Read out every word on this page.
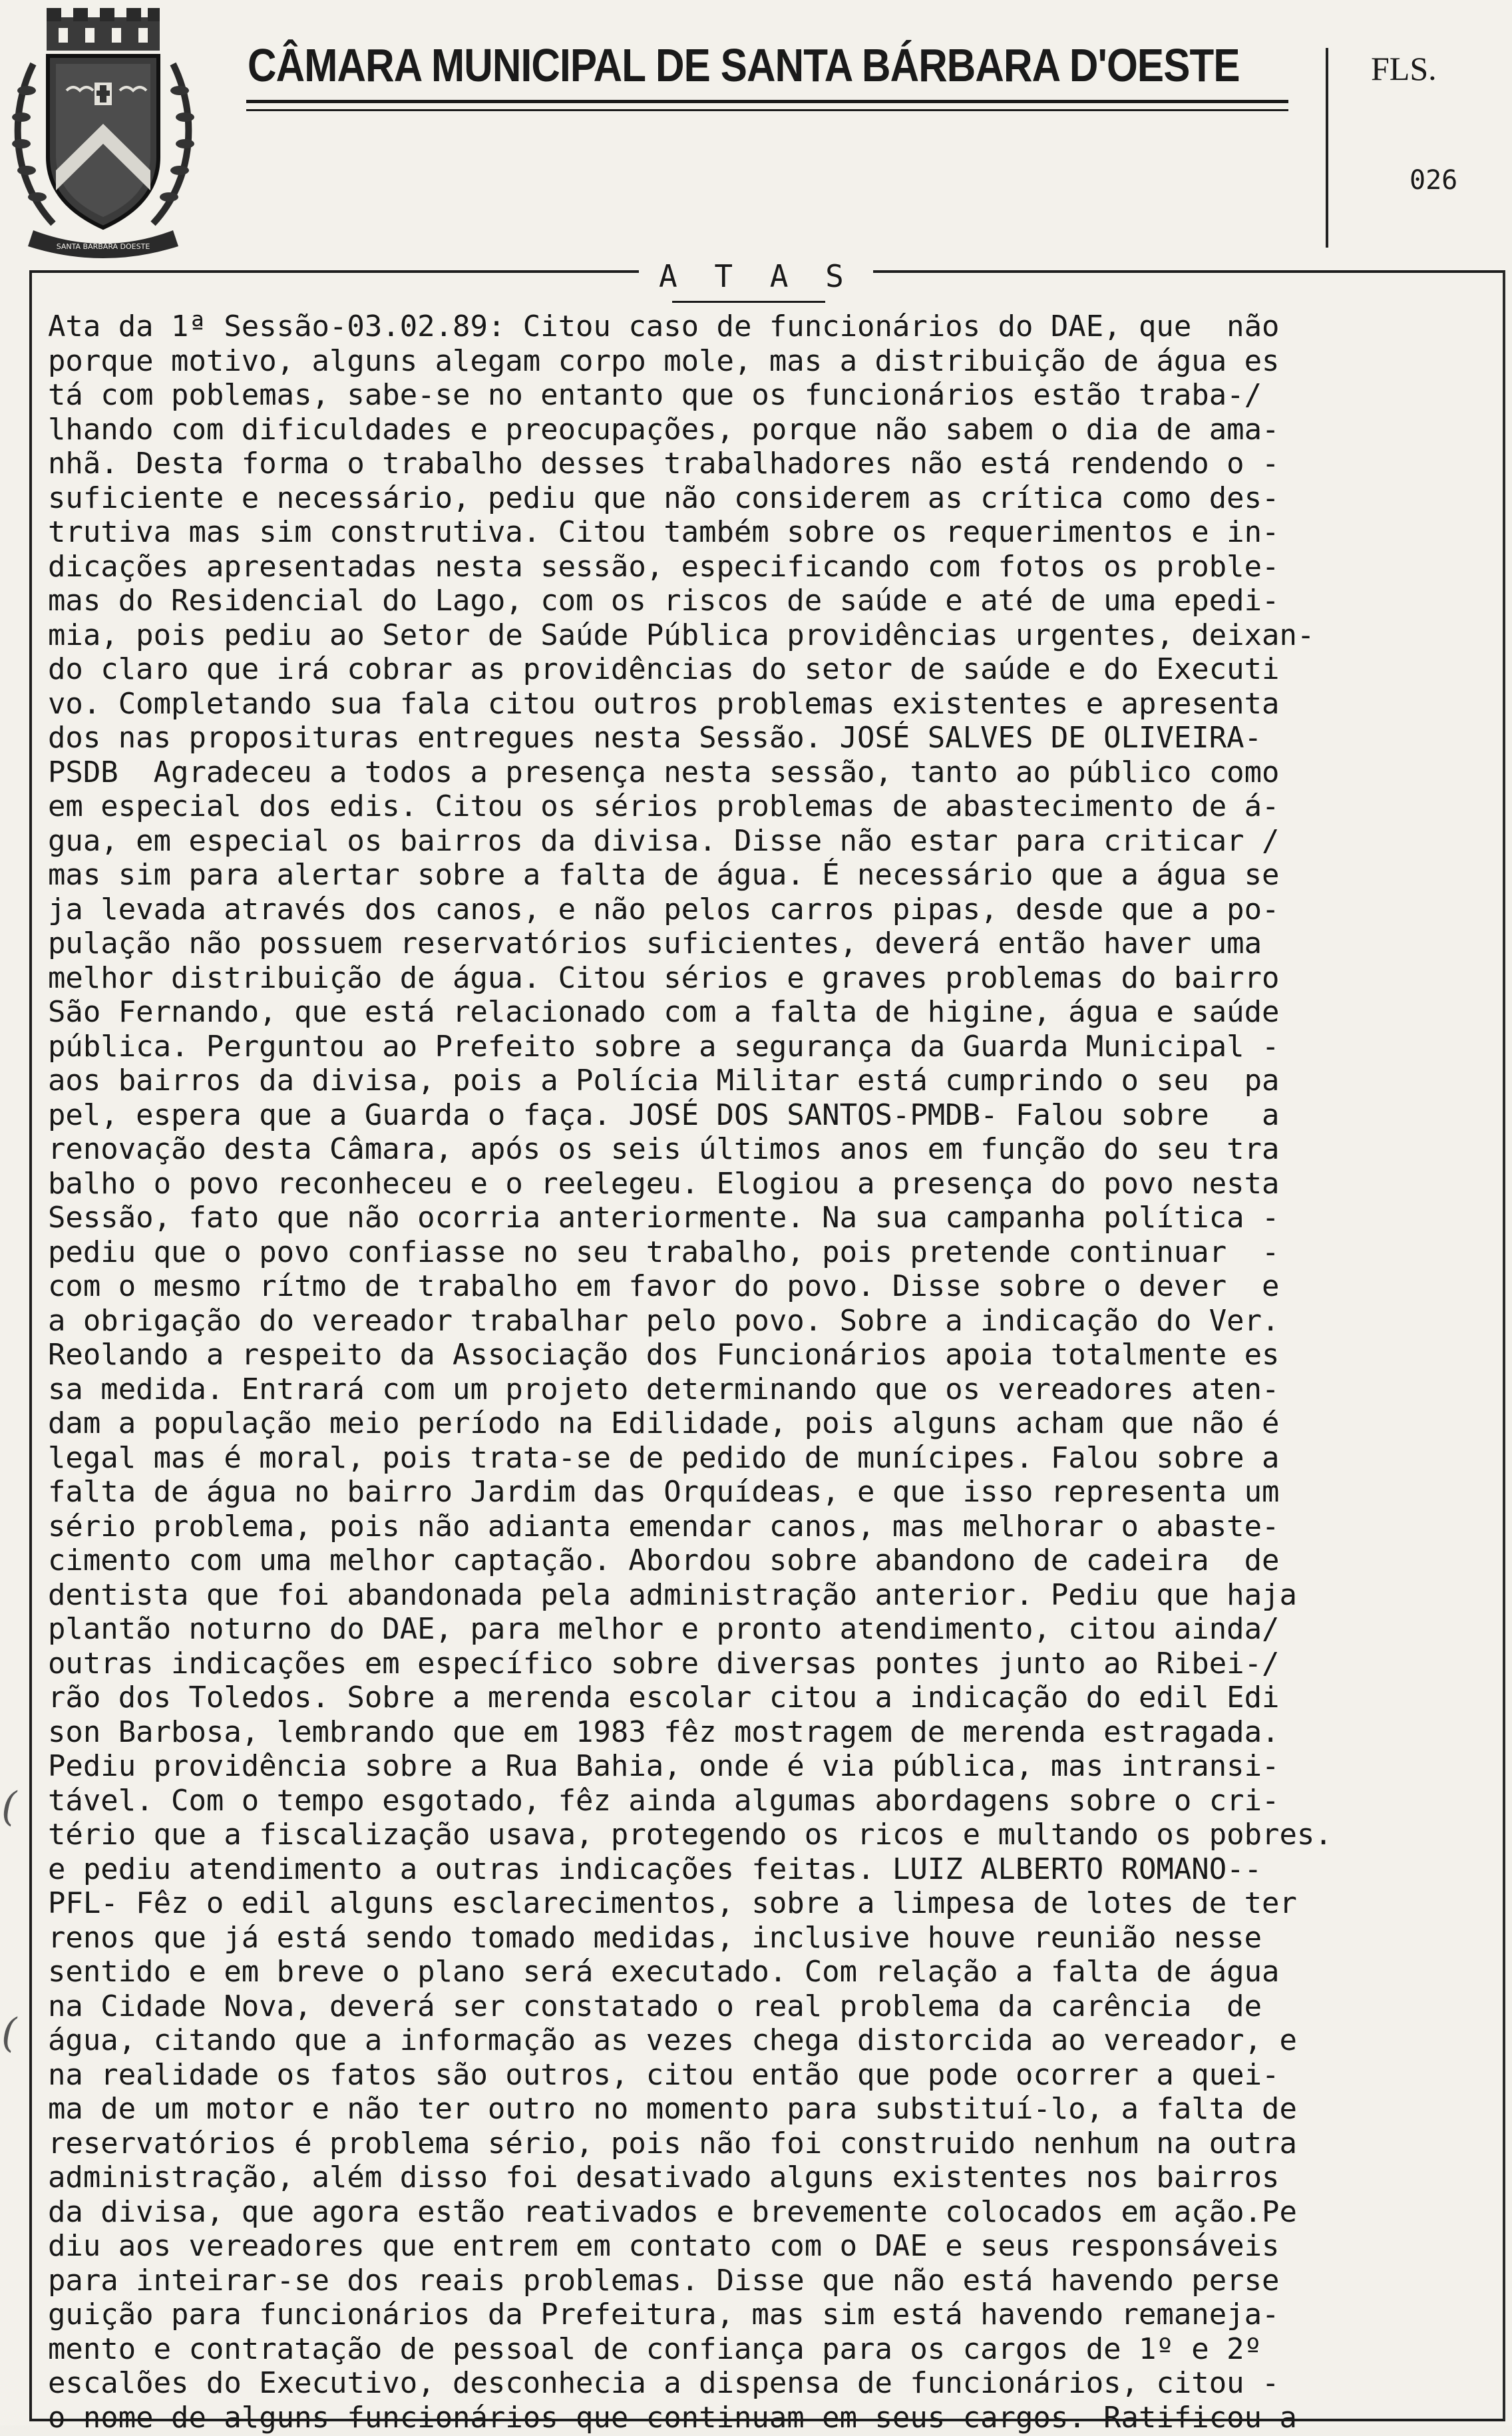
SANTA BARBARA DOESTE
CÂMARA MUNICIPAL DE SANTA BÁRBARA D'OESTE	FLS.
026
A T A S
(
(
Ata da 1ª Sessão-03.02.89: Citou caso de funcionários do DAE, que  não
porque motivo, alguns alegam corpo mole, mas a distribuição de água es
tá com poblemas, sabe-se no entanto que os funcionários estão traba-/
lhando com dificuldades e preocupações, porque não sabem o dia de ama-
nhã. Desta forma o trabalho desses trabalhadores não está rendendo o -
suficiente e necessário, pediu que não considerem as crítica como des-
trutiva mas sim construtiva. Citou também sobre os requerimentos e in-
dicações apresentadas nesta sessão, especificando com fotos os proble-
mas do Residencial do Lago, com os riscos de saúde e até de uma epedi-
mia, pois pediu ao Setor de Saúde Pública providências urgentes, deixan-
do claro que irá cobrar as providências do setor de saúde e do Executi
vo. Completando sua fala citou outros problemas existentes e apresenta
dos nas proposituras entregues nesta Sessão. JOSÉ SALVES DE OLIVEIRA-
PSDB  Agradeceu a todos a presença nesta sessão, tanto ao público como
em especial dos edis. Citou os sérios problemas de abastecimento de á-
gua, em especial os bairros da divisa. Disse não estar para criticar /
mas sim para alertar sobre a falta de água. É necessário que a água se
ja levada através dos canos, e não pelos carros pipas, desde que a po-
pulação não possuem reservatórios suficientes, deverá então haver uma
melhor distribuição de água. Citou sérios e graves problemas do bairro
São Fernando, que está relacionado com a falta de higine, água e saúde
pública. Perguntou ao Prefeito sobre a segurança da Guarda Municipal -
aos bairros da divisa, pois a Polícia Militar está cumprindo o seu  pa
pel, espera que a Guarda o faça. JOSÉ DOS SANTOS-PMDB- Falou sobre   a
renovação desta Câmara, após os seis últimos anos em função do seu tra
balho o povo reconheceu e o reelegeu. Elogiou a presença do povo nesta
Sessão, fato que não ocorria anteriormente. Na sua campanha política -
pediu que o povo confiasse no seu trabalho, pois pretende continuar  -
com o mesmo rítmo de trabalho em favor do povo. Disse sobre o dever  e
a obrigação do vereador trabalhar pelo povo. Sobre a indicação do Ver.
Reolando a respeito da Associação dos Funcionários apoia totalmente es
sa medida. Entrará com um projeto determinando que os vereadores aten-
dam a população meio período na Edilidade, pois alguns acham que não é
legal mas é moral, pois trata-se de pedido de munícipes. Falou sobre a
falta de água no bairro Jardim das Orquídeas, e que isso representa um
sério problema, pois não adianta emendar canos, mas melhorar o abaste-
cimento com uma melhor captação. Abordou sobre abandono de cadeira  de
dentista que foi abandonada pela administração anterior. Pediu que haja
plantão noturno do DAE, para melhor e pronto atendimento, citou ainda/
outras indicações em específico sobre diversas pontes junto ao Ribei-/
rão dos Toledos. Sobre a merenda escolar citou a indicação do edil Edi
son Barbosa, lembrando que em 1983 fêz mostragem de merenda estragada.
Pediu providência sobre a Rua Bahia, onde é via pública, mas intransi-
tável. Com o tempo esgotado, fêz ainda algumas abordagens sobre o cri-
tério que a fiscalização usava, protegendo os ricos e multando os pobres.
e pediu atendimento a outras indicações feitas. LUIZ ALBERTO ROMANO--
PFL- Fêz o edil alguns esclarecimentos, sobre a limpesa de lotes de ter
renos que já está sendo tomado medidas, inclusive houve reunião nesse
sentido e em breve o plano será executado. Com relação a falta de água
na Cidade Nova, deverá ser constatado o real problema da carência  de
água, citando que a informação as vezes chega distorcida ao vereador, e
na realidade os fatos são outros, citou então que pode ocorrer a quei-
ma de um motor e não ter outro no momento para substituí-lo, a falta de
reservatórios é problema sério, pois não foi construido nenhum na outra
administração, além disso foi desativado alguns existentes nos bairros
da divisa, que agora estão reativados e brevemente colocados em ação.Pe
diu aos vereadores que entrem em contato com o DAE e seus responsáveis
para inteirar-se dos reais problemas. Disse que não está havendo perse
guição para funcionários da Prefeitura, mas sim está havendo remaneja-
mento e contratação de pessoal de confiança para os cargos de 1º e 2º
escalões do Executivo, desconhecia a dispensa de funcionários, citou -
o nome de alguns funcionários que continuam em seus cargos. Ratificou a
